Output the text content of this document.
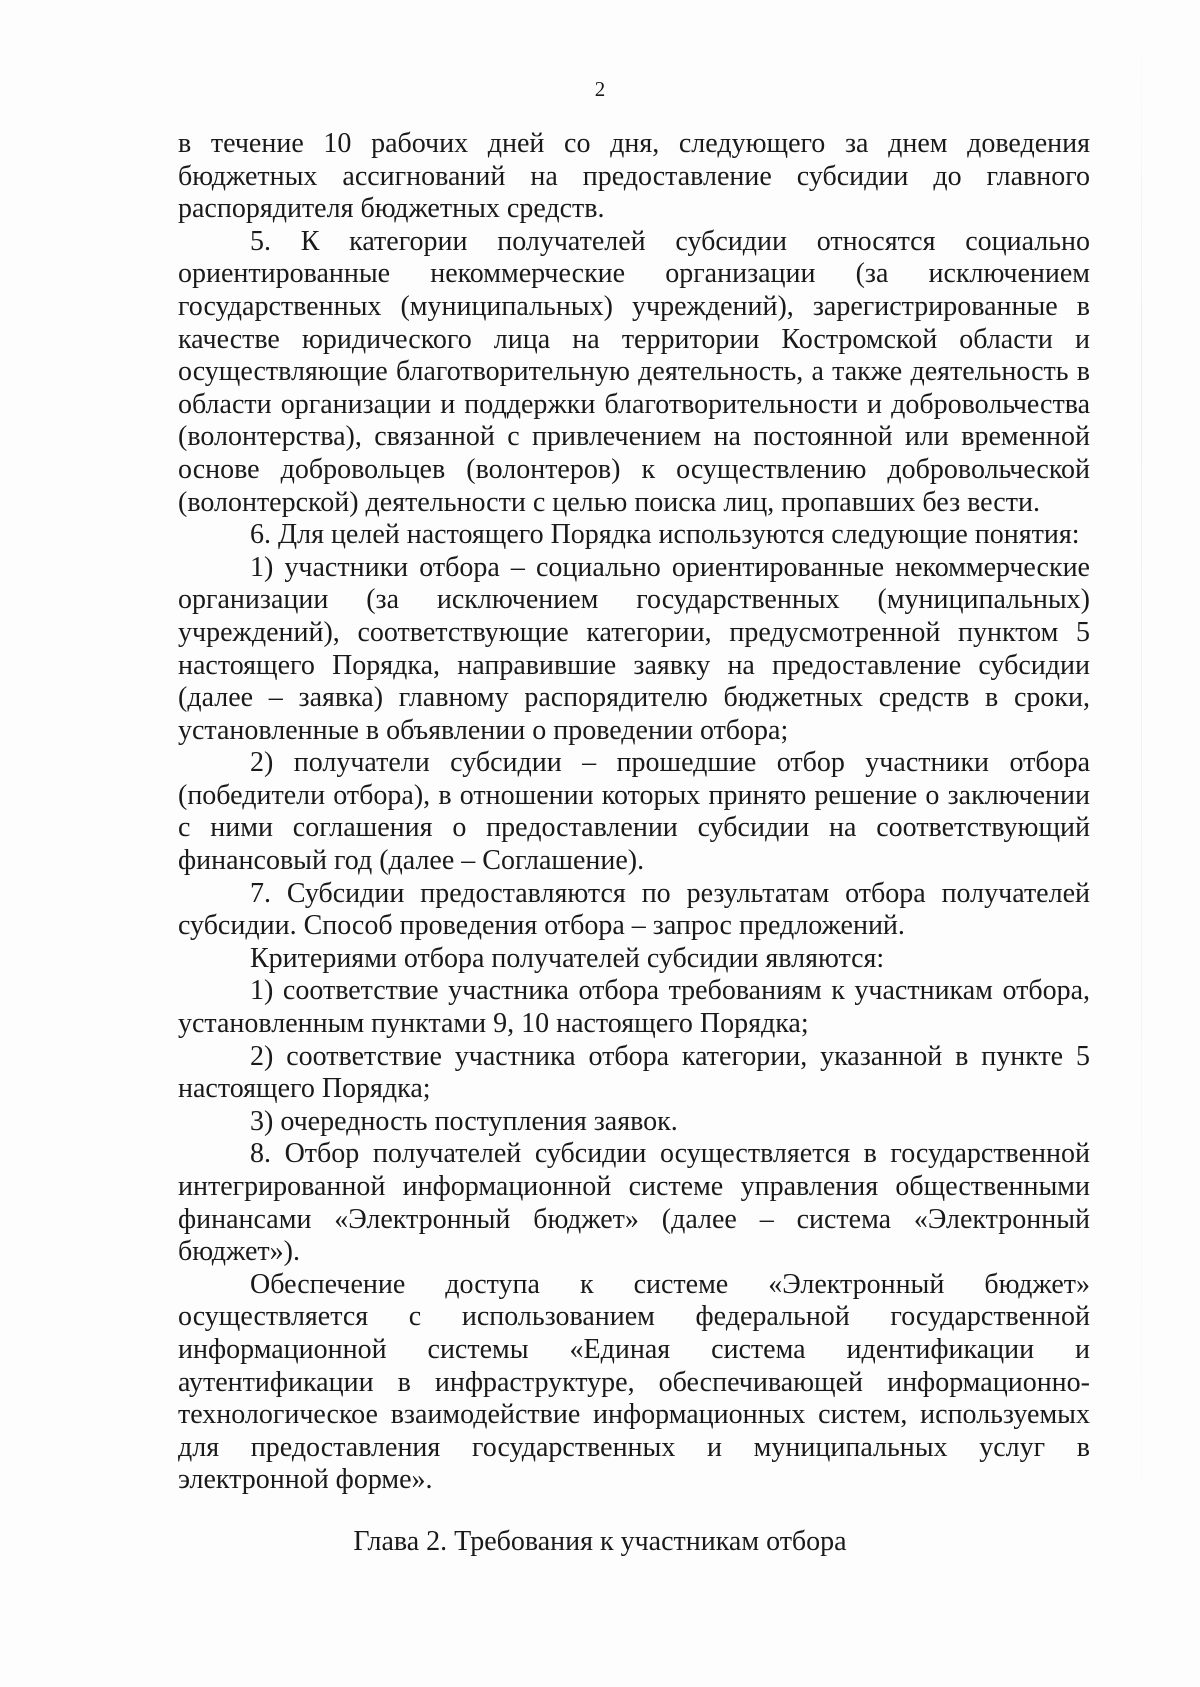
2

в течение 10 рабочих дней со дня, следующего за днем доведения бюджетных ассигнований на предоставление субсидии до главного распорядителя бюджетных средств.

5. К категории получателей субсидии относятся социально ориентированные некоммерческие организации (за исключением государственных (муниципальных) учреждений), зарегистрированные в качестве юридического лица на территории Костромской области и осуществляющие благотворительную деятельность, а также деятельность в области организации и поддержки благотворительности и добровольчества (волонтерства), связанной с привлечением на постоянной или временной основе добровольцев (волонтеров) к осуществлению добровольческой (волонтерской) деятельности с целью поиска лиц, пропавших без вести.

6. Для целей настоящего Порядка используются следующие понятия:

1) участники отбора – социально ориентированные некоммерческие организации (за исключением государственных (муниципальных) учреждений), соответствующие категории, предусмотренной пунктом 5 настоящего Порядка, направившие заявку на предоставление субсидии (далее – заявка) главному распорядителю бюджетных средств в сроки, установленные в объявлении о проведении отбора;

2) получатели субсидии – прошедшие отбор участники отбора (победители отбора), в отношении которых принято решение о заключении с ними соглашения о предоставлении субсидии на соответствующий финансовый год (далее – Соглашение).

7. Субсидии предоставляются по результатам отбора получателей субсидии. Способ проведения отбора – запрос предложений.

Критериями отбора получателей субсидии являются:

1) соответствие участника отбора требованиям к участникам отбора, установленным пунктами 9, 10 настоящего Порядка;

2) соответствие участника отбора категории, указанной в пункте 5 настоящего Порядка;

3) очередность поступления заявок.

8. Отбор получателей субсидии осуществляется в государственной интегрированной информационной системе управления общественными финансами «Электронный бюджет» (далее – система «Электронный бюджет»).

Обеспечение доступа к системе «Электронный бюджет» осуществляется с использованием федеральной государственной информационной системы «Единая система идентификации и аутентификации в инфраструктуре, обеспечивающей информационно-технологическое взаимодействие информационных систем, используемых для предоставления государственных и муниципальных услуг в электронной форме».

Глава 2. Требования к участникам отбора
